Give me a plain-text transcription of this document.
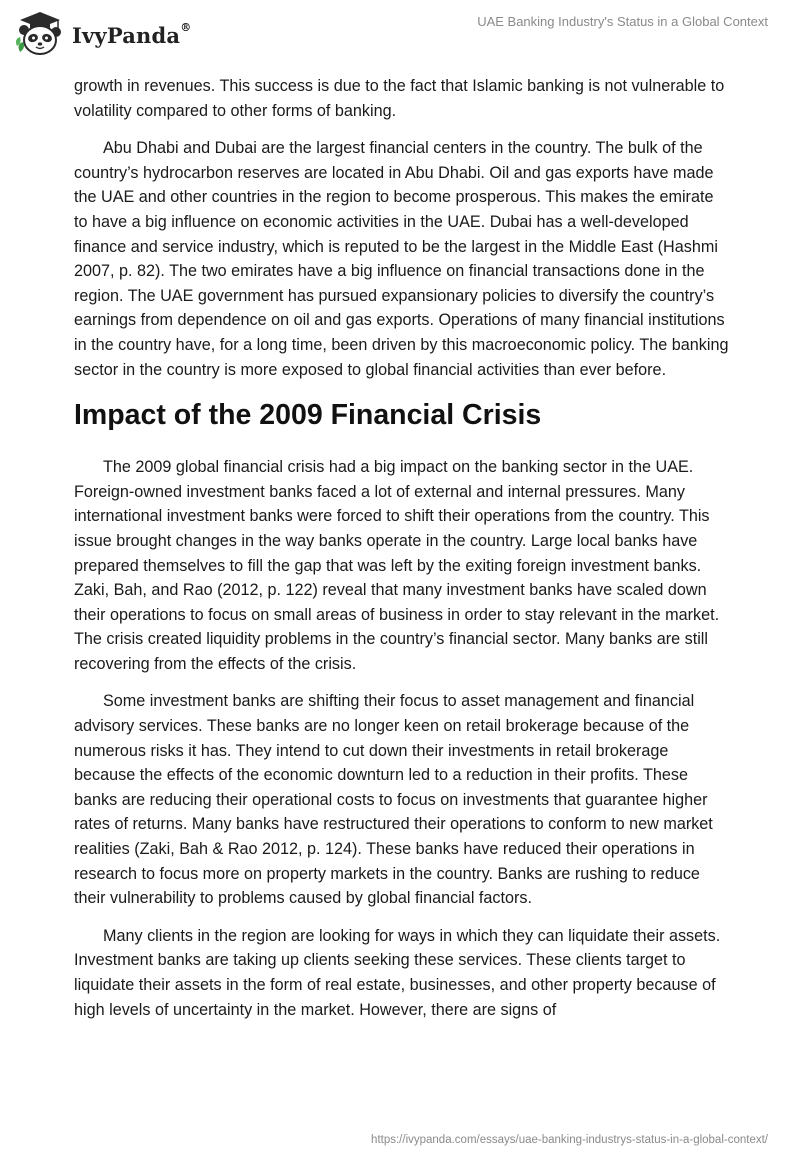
IvyPanda®	UAE Banking Industry's Status in a Global Context

growth in revenues. This success is due to the fact that Islamic banking is not vulnerable to volatility compared to other forms of banking.

Abu Dhabi and Dubai are the largest financial centers in the country. The bulk of the country’s hydrocarbon reserves are located in Abu Dhabi. Oil and gas exports have made the UAE and other countries in the region to become prosperous. This makes the emirate to have a big influence on economic activities in the UAE. Dubai has a well-developed finance and service industry, which is reputed to be the largest in the Middle East (Hashmi 2007, p. 82). The two emirates have a big influence on financial transactions done in the region. The UAE government has pursued expansionary policies to diversify the country’s earnings from dependence on oil and gas exports. Operations of many financial institutions in the country have, for a long time, been driven by this macroeconomic policy. The banking sector in the country is more exposed to global financial activities than ever before.

Impact of the 2009 Financial Crisis

The 2009 global financial crisis had a big impact on the banking sector in the UAE. Foreign-owned investment banks faced a lot of external and internal pressures. Many international investment banks were forced to shift their operations from the country. This issue brought changes in the way banks operate in the country. Large local banks have prepared themselves to fill the gap that was left by the exiting foreign investment banks. Zaki, Bah, and Rao (2012, p. 122) reveal that many investment banks have scaled down their operations to focus on small areas of business in order to stay relevant in the market. The crisis created liquidity problems in the country’s financial sector. Many banks are still recovering from the effects of the crisis.

Some investment banks are shifting their focus to asset management and financial advisory services. These banks are no longer keen on retail brokerage because of the numerous risks it has. They intend to cut down their investments in retail brokerage because the effects of the economic downturn led to a reduction in their profits. These banks are reducing their operational costs to focus on investments that guarantee higher rates of returns. Many banks have restructured their operations to conform to new market realities (Zaki, Bah & Rao 2012, p. 124). These banks have reduced their operations in research to focus more on property markets in the country. Banks are rushing to reduce their vulnerability to problems caused by global financial factors.

Many clients in the region are looking for ways in which they can liquidate their assets. Investment banks are taking up clients seeking these services. These clients target to liquidate their assets in the form of real estate, businesses, and other property because of high levels of uncertainty in the market. However, there are signs of

https://ivypanda.com/essays/uae-banking-industrys-status-in-a-global-context/
